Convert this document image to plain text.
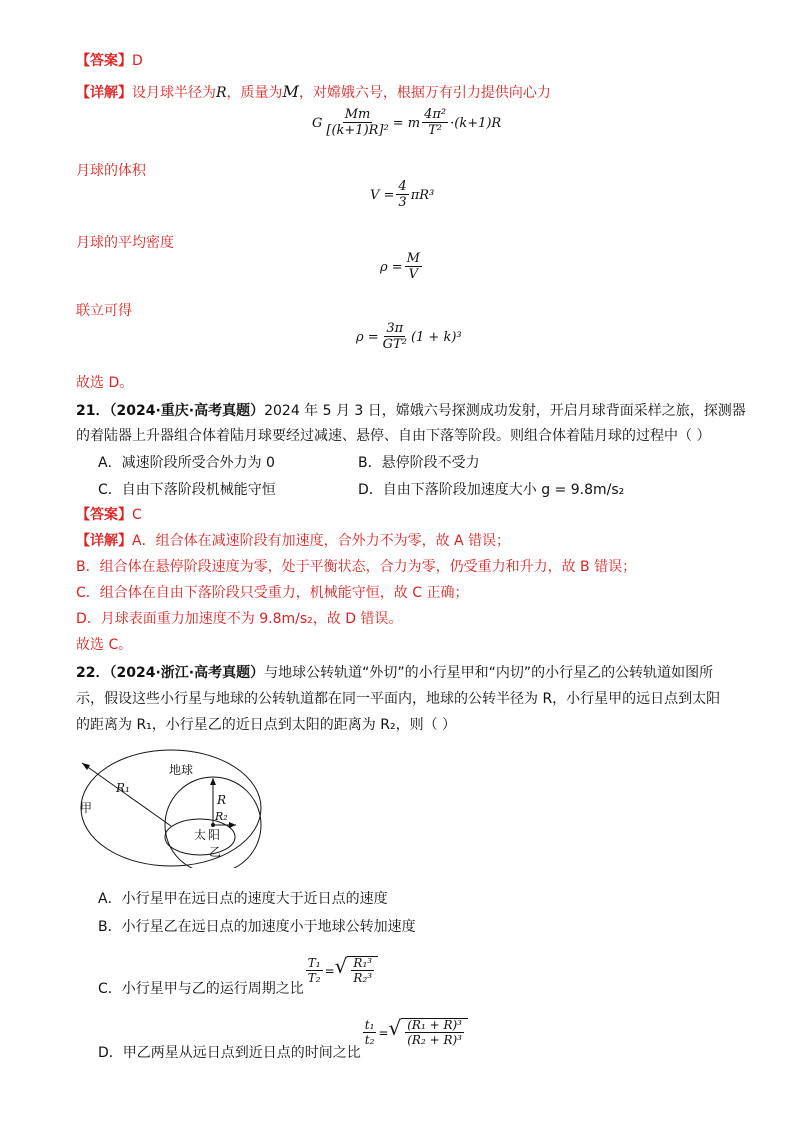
【答案】D
【详解】设月球半径为R，质量为M，对嫦娥六号，根据万有引力提供向心力
G $\frac{Mm}{\text{[(k+1)R]²}} = m \frac{\text{4π²}}{\text{T²}} \cdot(k+1)R$
月球的体积
$V = \frac{4}{3} \pi R^3$
月球的平均密度
$\rho = \frac{M}{V}$
联立可得
$\rho = \frac{3\pi}{\text{GT²}} (1 + k)^3$
故选 D。
21．（2024·重庆·高考真题）2024 年 5 月 3 日，嫦娥六号探测成功发射，开启月球背面采样之旅，探测器
的着陆器上升器组合体着陆月球要经过减速、悬停、自由下落等阶段。则组合体着陆月球的过程中（ ）
A．减速阶段所受合外力为 0	B．悬停阶段不受力
C．自由下落阶段机械能守恒	D．自由下落阶段加速度大小 g = 9.8m/s₂
【答案】C
【详解】A．组合体在减速阶段有加速度，合外力不为零，故 A 错误；
B．组合体在悬停阶段速度为零，处于平衡状态，合力为零，仍受重力和升力，故 B 错误；
C．组合体在自由下落阶段只受重力，机械能守恒，故 C 正确；
D．月球表面重力加速度不为 9.8m/s₂，故 D 错误。
故选 C。
22．（2024·浙江·高考真题）与地球公转轨道“外切”的小行星甲和“内切”的小行星乙的公转轨道如图所
示，假设这些小行星与地球的公转轨道都在同一平面内，地球的公转半径为 R，小行星甲的远日点到太阳
的距离为 R₁，小行星乙的近日点到太阳的距离为 R₂，则（ ）
R₁
地球
R
R₂
太 阳
甲
乙
A．小行星甲在远日点的速度大于近日点的速度
B．小行星乙在远日点的加速度小于地球公转加速度
C．小行星甲与乙的运行周期之比
$\frac{\text{T₁}}{\text{T₂}}$ = √ $\frac{\text{R₁³}}{\text{R₂³}}$
D．甲乙两星从远日点到近日点的时间之比
$\frac{\text{t₁}}{\text{t₂}}$ = √ $\frac{\text{(R₁ + R)³}}{\text{(R₂ + R)³}}$
